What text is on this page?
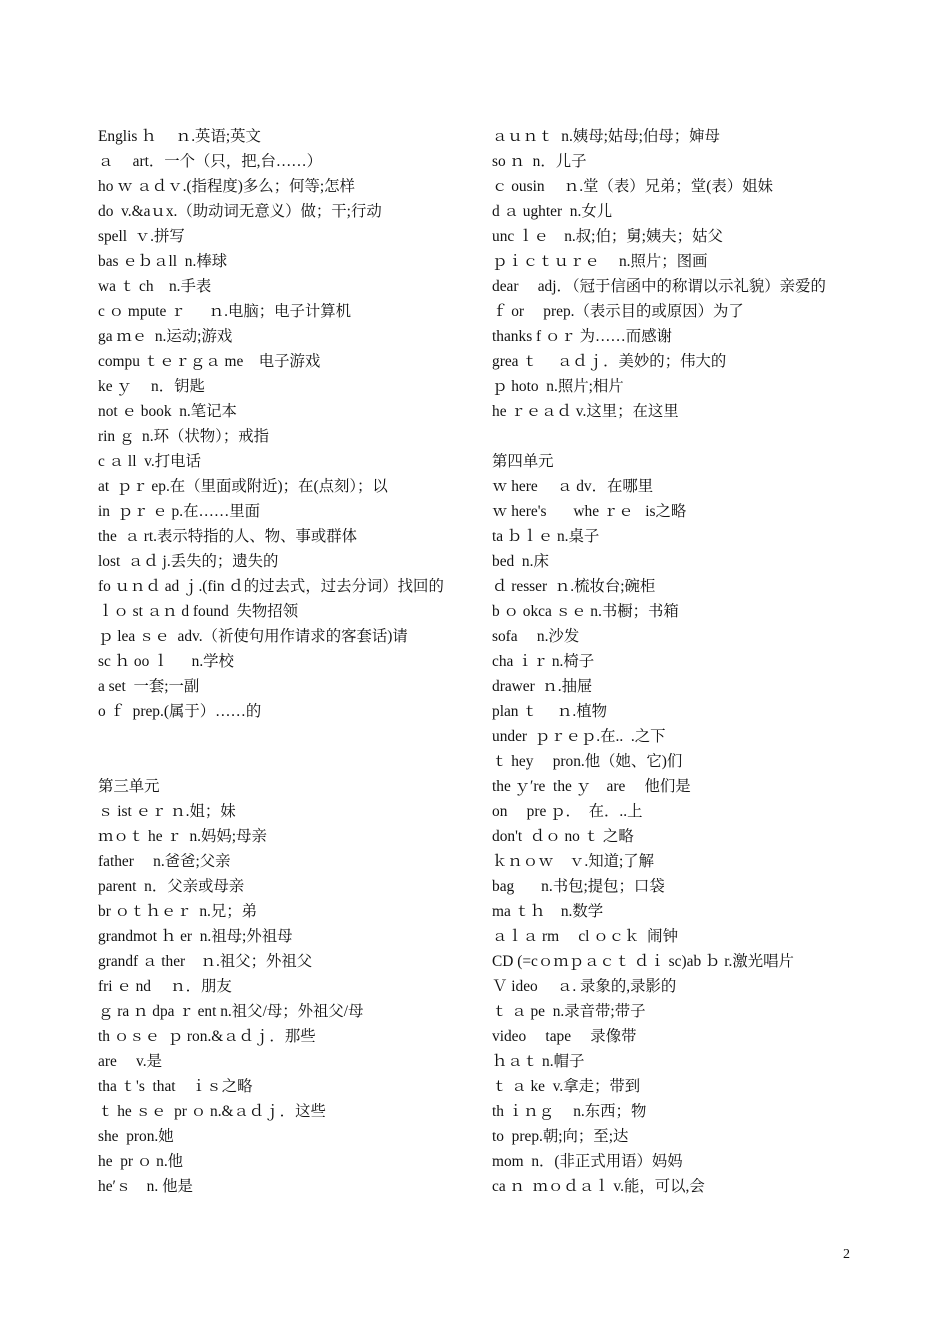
Englis ｈ　 ｎ.英语;英文
ａ　 art．一个（只，把,台……）
ho ｗ ａｄｖ.(指程度)多么；何等;怎样
do  v.&aｕx.（助动词无意义）做；干;行动
spell  ｖ.拼写
bas ｅｂａll  n.棒球
wa ｔ ch    n.手表
c ｏ mpute ｒ　  ｎ.电脑；电子计算机
ga ｍｅ  n.运动;游戏
compu ｔｅｒｇａ me    电子游戏
ke ｙ　 n．钥匙
not ｅ book  n.笔记本
rin ｇ  n.环（状物）；戒指
c ａ ll  v.打电话
at  ｐｒ ep.在（里面或附近)；在(点刻）；以
in  ｐｒ ｅ p.在……里面
the  ａ rt.表示特指的人、物、事或群体
lost  ａｄ j.丢失的；遗失的
fo ｕｎｄ ad ｊ.(fin ｄ的过去式，过去分词）找回的
ｌｏ st ａｎ d found  失物招领
ｐ lea ｓｅ  adv.（祈使句用作请求的客套话)请
sc ｈ oo ｌ　  n.学校
a set  一套;一副
o ｆ  prep.(属于）……的
第三单元
ｓ ist ｅｒ ｎ.姐；妹
ｍｏｔ he ｒ  n.妈妈;母亲
father     n.爸爸;父亲
parent  n．父亲或母亲
br ｏｔｈｅｒ  n.兄；弟
grandmot ｈ er  n.祖母;外祖母
grandf ａ ther    ｎ.祖父；外祖父
fri ｅ nd     ｎ．朋友
ｇ ra ｎ dpa ｒ ent n.祖父/母；外祖父/母
th ｏｓｅ  ｐ ron.&ａｄｊ．那些
are     v.是
tha ｔ's  that    ｉｓ之略
ｔ he ｓｅ  pr ｏ n.&ａｄｊ．这些
she  pron.她
he  pr ｏ n.他
he′ｓ    n. 他是
ａｕｎｔ  n.姨母;姑母;伯母；婶母
so ｎ  n．儿子
ｃ ousin     ｎ.堂（表）兄弟；堂(表）姐妹
d ａ ughter  n.女儿
unc ｌｅ    n.叔;伯；舅;姨夫；姑父
ｐｉｃｔｕｒｅ　 n.照片；图画
dear     adj．（冠于信函中的称谓以示礼貌）亲爱的
ｆ or     prep.（表示目的或原因）为了
thanks f ｏｒ 为……而感谢
grea ｔ　 ａｄｊ．美妙的；伟大的
ｐ hoto  n.照片;相片
he ｒｅａｄ v.这里；在这里
第四单元
ｗ here     ａ dv．在哪里
ｗ here's       whe ｒｅ   is之略
ta ｂｌｅ n.桌子
bed  n.床
ｄ resser  ｎ.梳妆台;碗柜
b ｏ okca ｓｅ n.书橱；书箱
sofa     n.沙发
cha ｉｒ n.椅子
drawer  ｎ.抽屉
plan ｔ　 ｎ.植物
under  ｐｒｅｐ.在..  .之下
ｔ hey     pron.他（她、它)们
the ｙ′re  the ｙ    are     他们是
on     pre ｐ．  在．..上
don't  ｄｏ no ｔ 之略
ｋｎｏｗ    ｖ.知道;了解
bag       n.书包;提包；口袋
ma ｔｈ    n.数学
ａｌａ rm     cl ｏｃｋ  闹钟
CD (=cｏｍｐａｃｔ ｄｉ sc)ab ｂ r.激光唱片
Ｖ ideo     ａ. 录象的,录影的
ｔ ａ pe  n.录音带;带子
video     tape     录像带
ｈａｔ n.帽子
ｔ ａ ke  v.拿走；带到
th ｉｎｇ     n.东西；物
to  prep.朝;向；至;达
mom  n．(非正式用语）妈妈
ca ｎ  ｍｏｄａｌ v.能，可以,会
2
